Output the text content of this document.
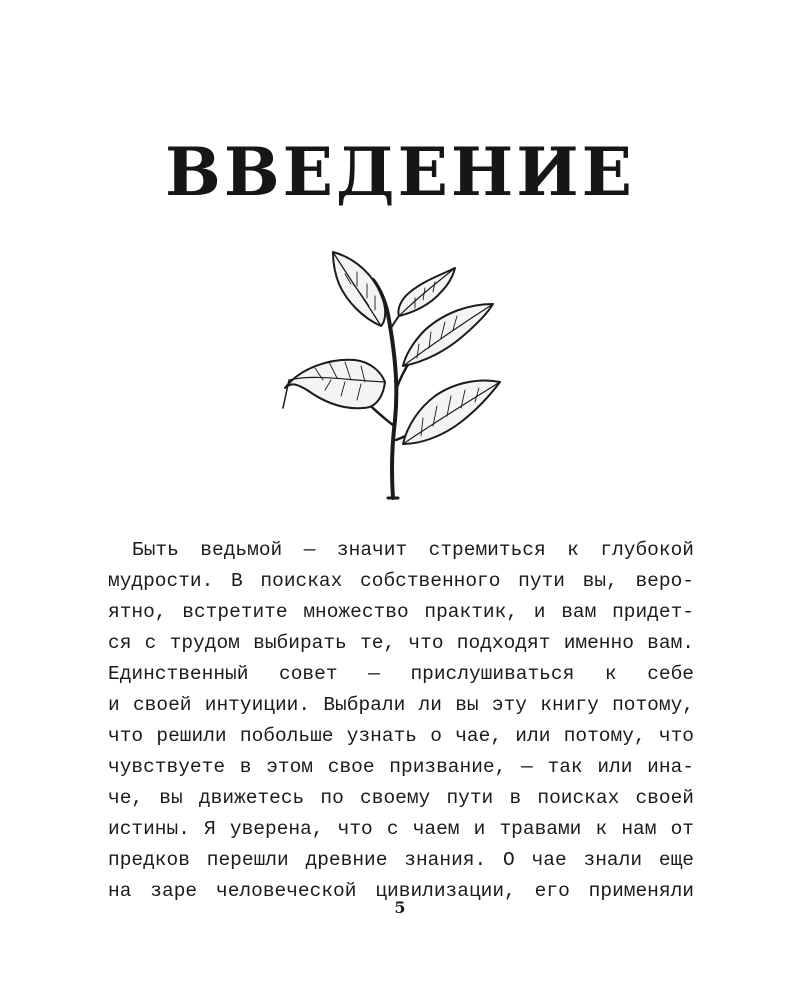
ВВЕДЕНИЕ
Быть ведьмой — значит стремиться к глубокой
мудрости. В поисках собственного пути вы, веро-
ятно, встретите множество практик, и вам придет-
ся с трудом выбирать те, что подходят именно вам.
Единственный совет — прислушиваться к себе
и своей интуиции. Выбрали ли вы эту книгу потому,
что решили побольше узнать о чае, или потому, что
чувствуете в этом свое призвание, — так или ина-
че, вы движетесь по своему пути в поисках своей
истины. Я уверена, что с чаем и травами к нам от
предков перешли древние знания. О чае знали еще
на заре человеческой цивилизации, его применяли
5
